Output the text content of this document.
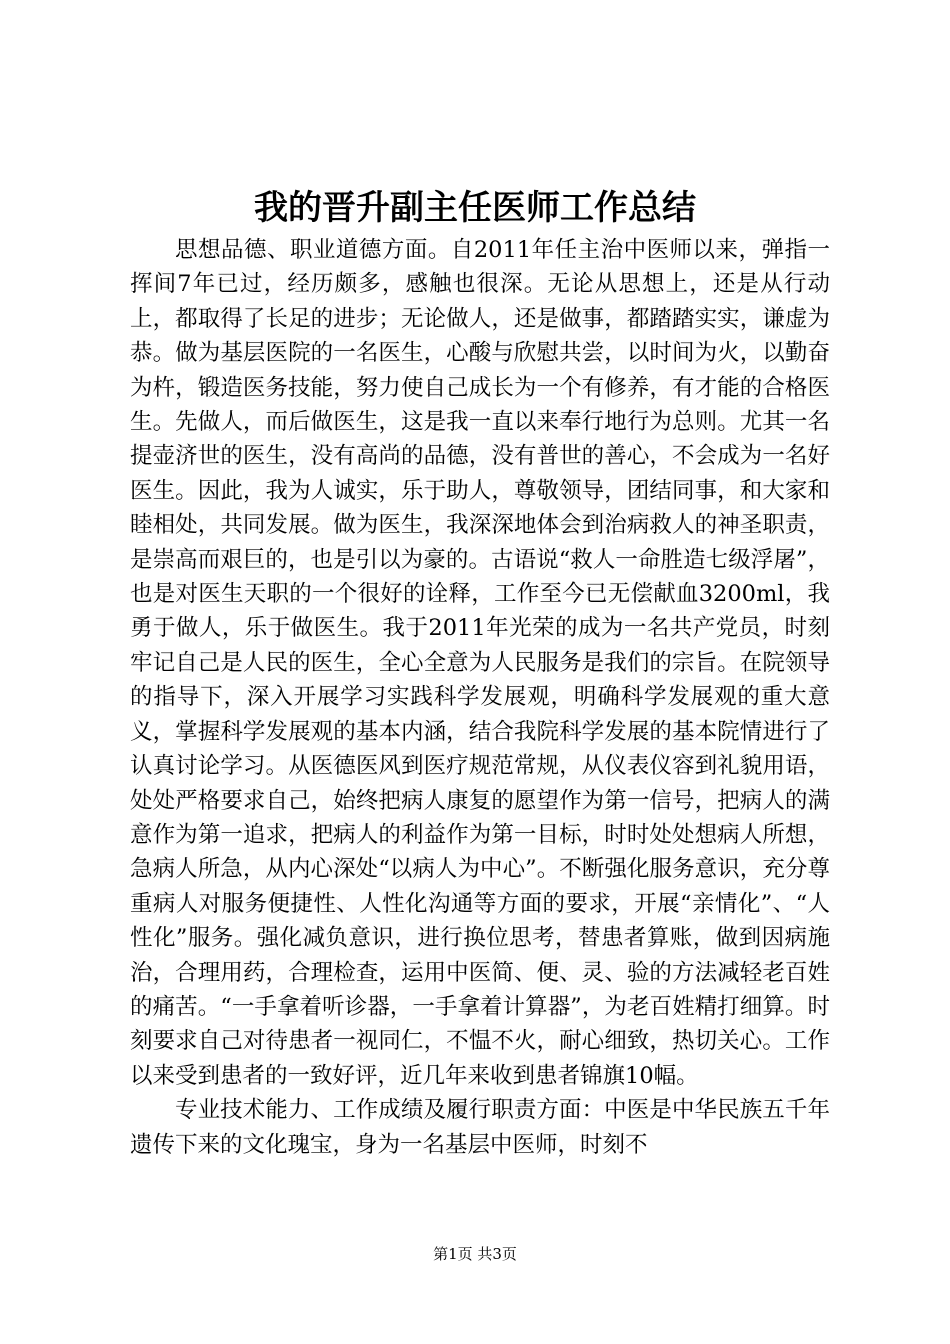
我的晋升副主任医师工作总结

思想品德、职业道德方面。自2011年任主治中医师以来，弹指一挥间7年已过，经历颇多，感触也很深。无论从思想上，还是从行动上，都取得了长足的进步；无论做人，还是做事，都踏踏实实，谦虚为恭。做为基层医院的一名医生，心酸与欣慰共尝，以时间为火，以勤奋为杵，锻造医务技能，努力使自己成长为一个有修养，有才能的合格医生。先做人，而后做医生，这是我一直以来奉行地行为总则。尤其一名提壶济世的医生，没有高尚的品德，没有普世的善心，不会成为一名好医生。因此，我为人诚实，乐于助人，尊敬领导，团结同事，和大家和睦相处，共同发展。做为医生，我深深地体会到治病救人的神圣职责，是崇高而艰巨的，也是引以为豪的。古语说“救人一命胜造七级浮屠”，也是对医生天职的一个很好的诠释，工作至今已无偿献血3200ml，我勇于做人，乐于做医生。我于2011年光荣的成为一名共产党员，时刻牢记自己是人民的医生，全心全意为人民服务是我们的宗旨。在院领导的指导下，深入开展学习实践科学发展观，明确科学发展观的重大意义，掌握科学发展观的基本内涵，结合我院科学发展的基本院情进行了认真讨论学习。从医德医风到医疗规范常规，从仪表仪容到礼貌用语，处处严格要求自己，始终把病人康复的愿望作为第一信号，把病人的满意作为第一追求，把病人的利益作为第一目标，时时处处想病人所想，急病人所急，从内心深处“以病人为中心”。不断强化服务意识，充分尊重病人对服务便捷性、人性化沟通等方面的要求，开展“亲情化”、“人性化”服务。强化减负意识，进行换位思考，替患者算账，做到因病施治，合理用药，合理检查，运用中医简、便、灵、验的方法减轻老百姓的痛苦。“一手拿着听诊器，一手拿着计算器”，为老百姓精打细算。时刻要求自己对待患者一视同仁，不愠不火，耐心细致，热切关心。工作以来受到患者的一致好评，近几年来收到患者锦旗10幅。

专业技术能力、工作成绩及履行职责方面：中医是中华民族五千年遗传下来的文化瑰宝，身为一名基层中医师，时刻不

第1页 共3页
